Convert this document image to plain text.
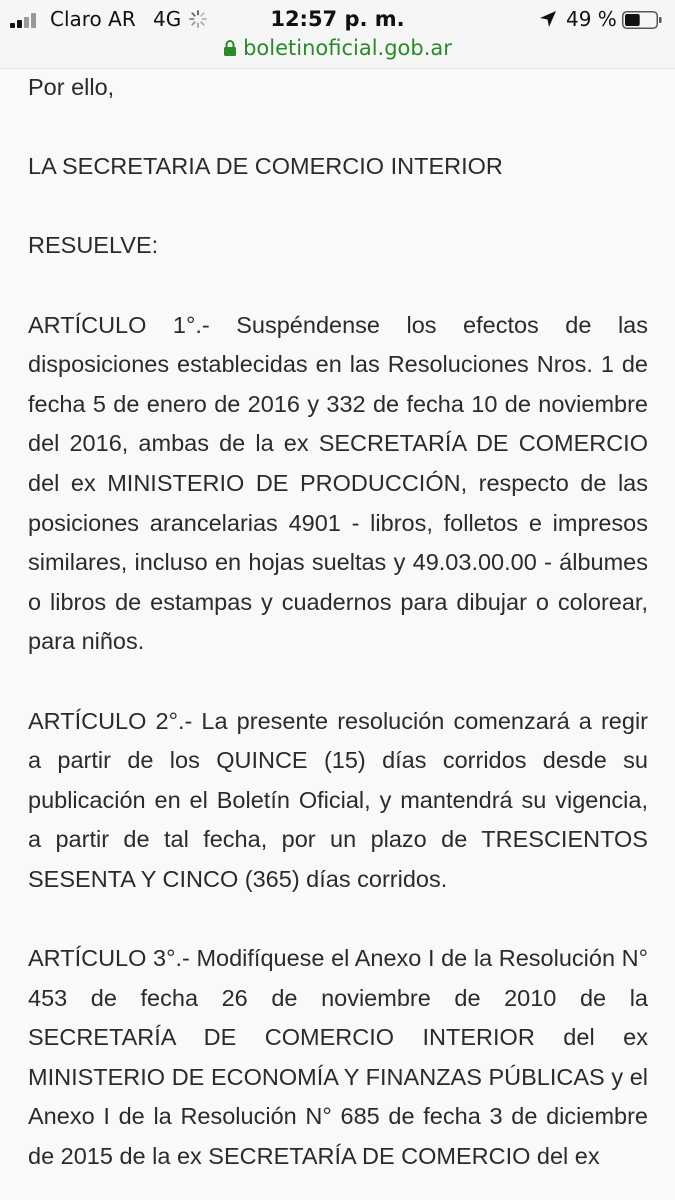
Claro AR 4G	12:57 p. m.	49 %
boletinoficial.gob.ar

Por ello,

LA SECRETARIA DE COMERCIO INTERIOR

RESUELVE:

ARTÍCULO 1°.- Suspéndense los efectos de las disposiciones establecidas en las Resoluciones Nros. 1 de fecha 5 de enero de 2016 y 332 de fecha 10 de noviembre del 2016, ambas de la ex SECRETARÍA DE COMERCIO del ex MINISTERIO DE PRODUCCIÓN, respecto de las posiciones arancelarias 4901 - libros, folletos e impresos similares, incluso en hojas sueltas y 49.03.00.00 - álbumes o libros de estampas y cuadernos para dibujar o colorear, para niños.

ARTÍCULO 2°.- La presente resolución comenzará a regir a partir de los QUINCE (15) días corridos desde su publicación en el Boletín Oficial, y mantendrá su vigencia, a partir de tal fecha, por un plazo de TRESCIENTOS SESENTA Y CINCO (365) días corridos.

ARTÍCULO 3°.- Modifíquese el Anexo I de la Resolución N° 453 de fecha 26 de noviembre de 2010 de la SECRETARÍA DE COMERCIO INTERIOR del ex MINISTERIO DE ECONOMÍA Y FINANZAS PÚBLICAS y el Anexo I de la Resolución N° 685 de fecha 3 de diciembre de 2015 de la ex SECRETARÍA DE COMERCIO del ex
